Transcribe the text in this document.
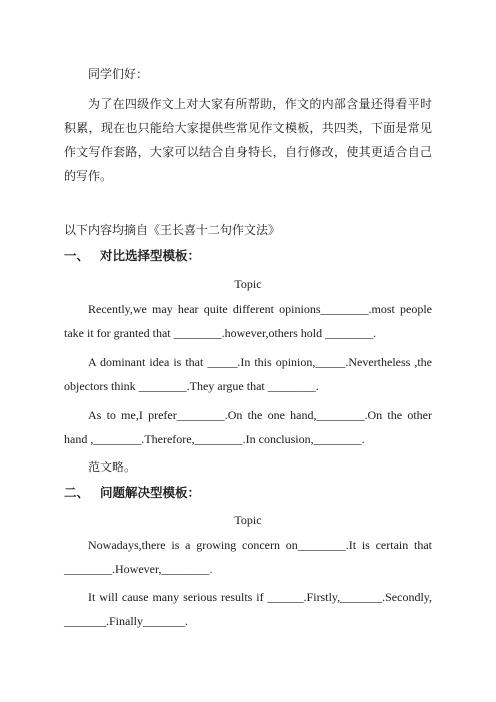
同学们好：

为了在四级作文上对大家有所帮助，作文的内部含量还得看平时积累，现在也只能给大家提供些常见作文模板，共四类，下面是常见作文写作套路，大家可以结合自身特长，自行修改，使其更适合自己的写作。

以下内容均摘自《王长喜十二句作文法》

一、 对比选择型模板：

Topic

Recently,we may hear quite different opinions________.most people take it for granted that ________.however,others hold ________.

A dominant idea is that _____.In this opinion,_____.Nevertheless ,the objectors think ________.They argue that ________.

As to me,I prefer________.On the one hand,________.On the other hand ,________.Therefore,________.In conclusion,________.

范文略。

二、 问题解决型模板：

Topic

Nowadays,there is a growing concern on________.It is certain that ________.However,________.

It will cause many serious results if ______.Firstly,_______.Secondly, _______.Finally_______.
